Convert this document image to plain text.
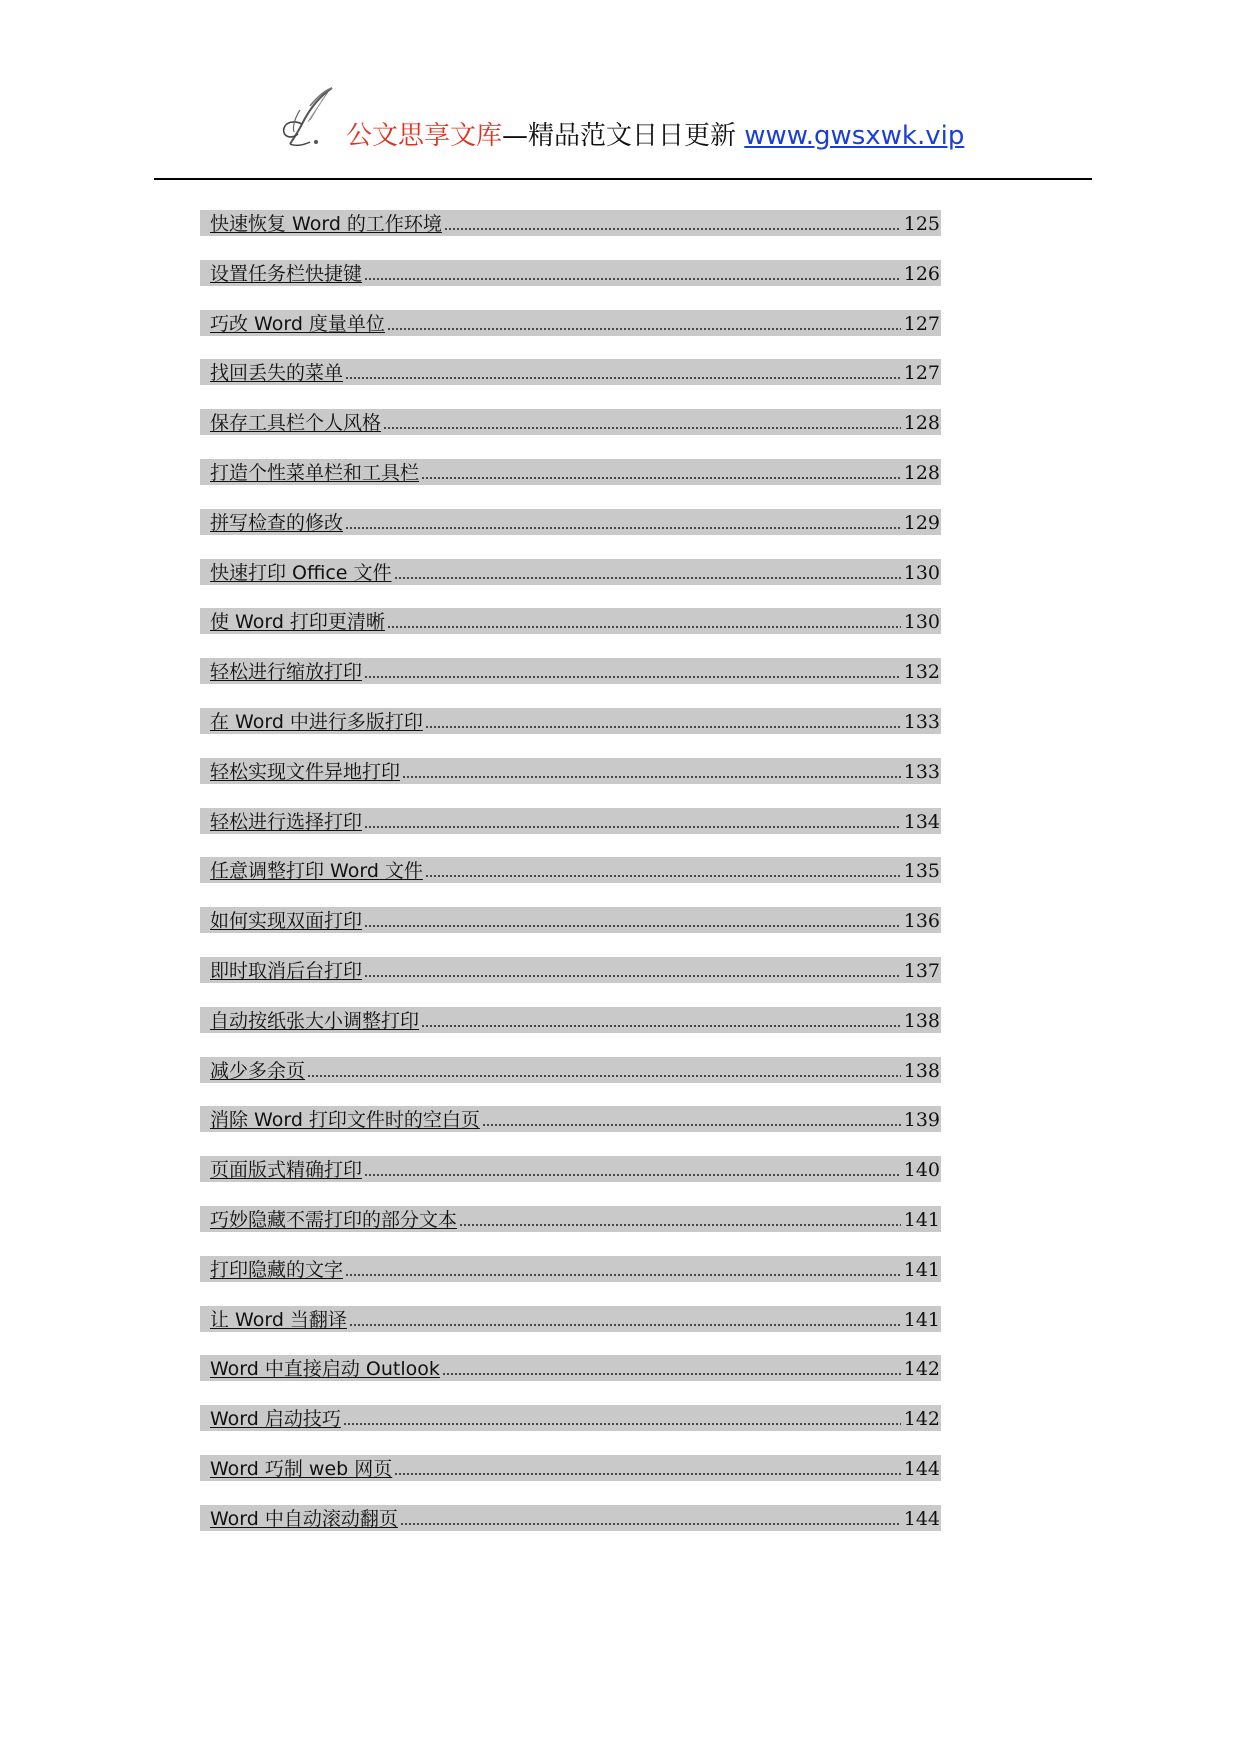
公文思享文库—精品范文日日更新 www.gwsxwk.vip
快速恢复 Word 的工作环境	125
设置任务栏快捷键	126
巧改 Word 度量单位	127
找回丢失的菜单	127
保存工具栏个人风格	128
打造个性菜单栏和工具栏	128
拼写检查的修改	129
快速打印 Office 文件	130
使 Word 打印更清晰	130
轻松进行缩放打印	132
在 Word 中进行多版打印	133
轻松实现文件异地打印	133
轻松进行选择打印	134
任意调整打印 Word 文件	135
如何实现双面打印	136
即时取消后台打印	137
自动按纸张大小调整打印	138
减少多余页	138
消除 Word 打印文件时的空白页	139
页面版式精确打印	140
巧妙隐藏不需打印的部分文本	141
打印隐藏的文字	141
让 Word 当翻译	141
Word 中直接启动 Outlook	142
Word 启动技巧	142
Word 巧制 web 网页	144
Word 中自动滚动翻页	144
